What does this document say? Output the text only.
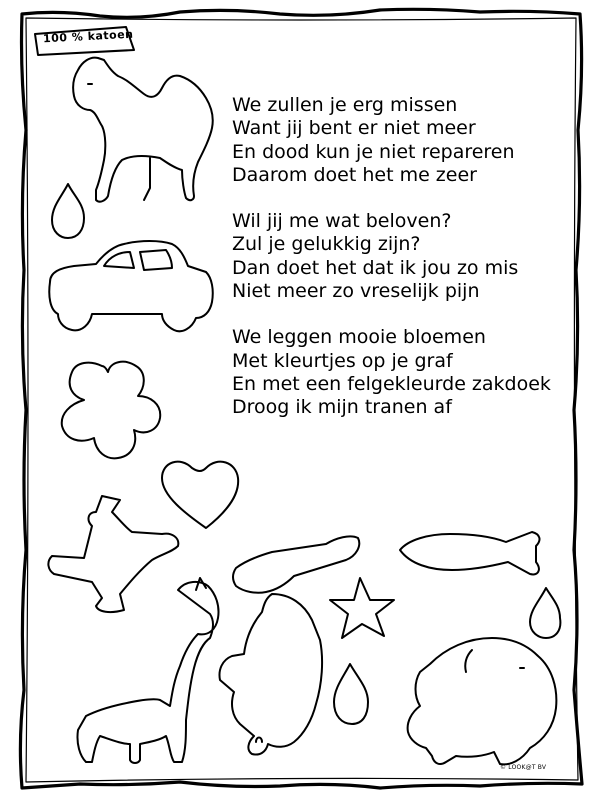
100 % katoen
We zullen je erg missen
Want jij bent er niet meer
En dood kun je niet repareren
Daarom doet het me zeer
Wil jij me wat beloven?
Zul je gelukkig zijn?
Dan doet het dat ik jou zo mis
Niet meer zo vreselijk pijn
We leggen mooie bloemen
Met kleurtjes op je graf
En met een felgekleurde zakdoek
Droog ik mijn tranen af
© LOOK@T BV
